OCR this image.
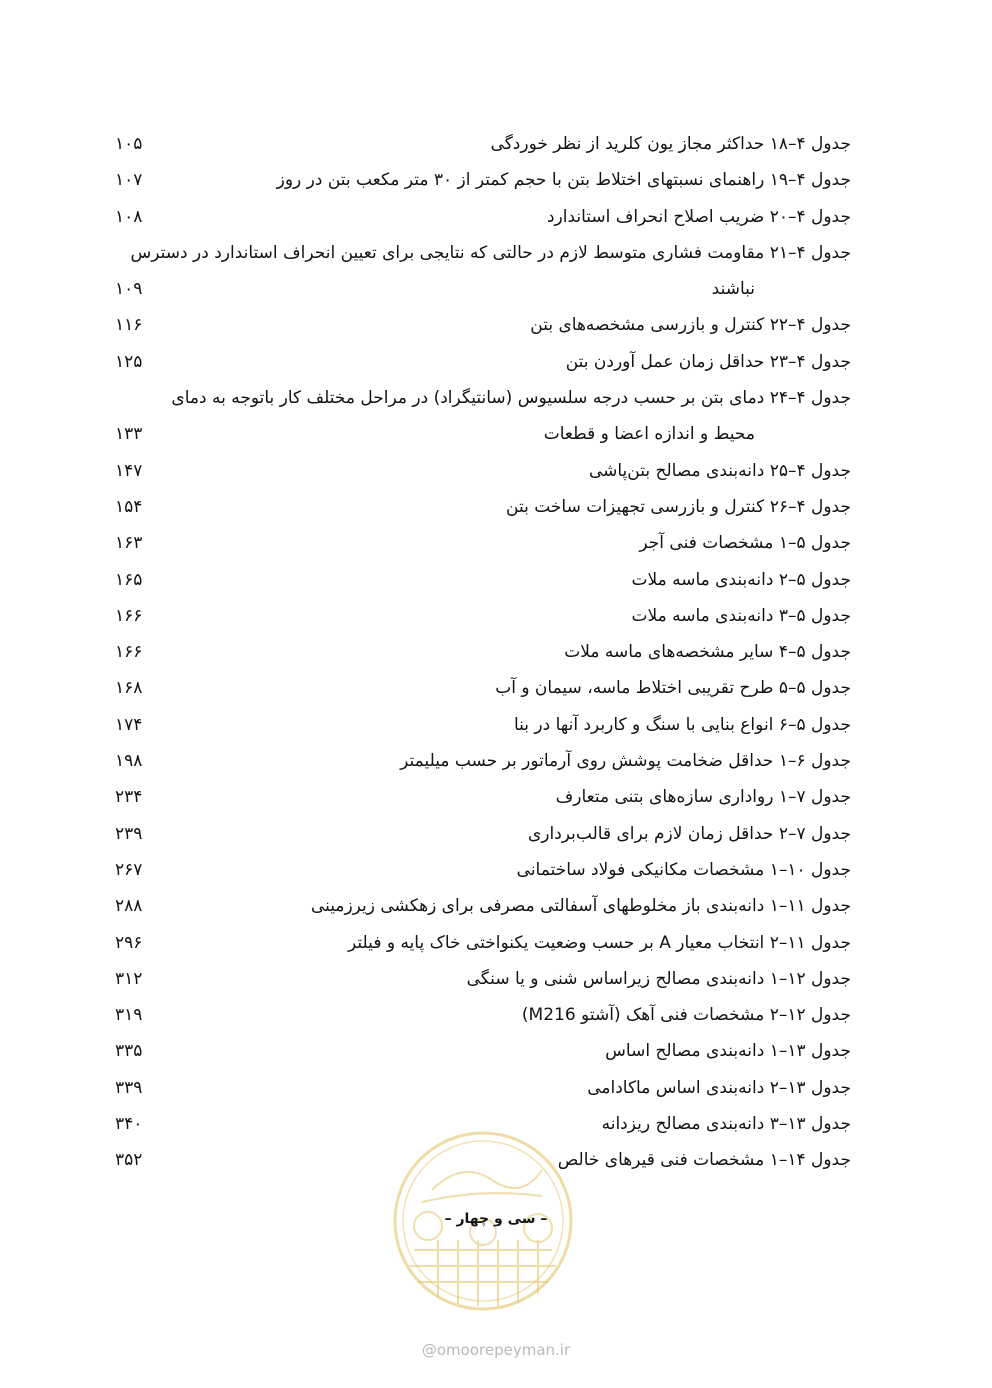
جدول ۴–۱۸ حداکثر مجاز یون کلرید از نظر خوردگی
۱۰۵
جدول ۴–۱۹ راهنمای نسبتهای اختلاط بتن با حجم کمتر از ۳۰ متر مکعب بتن در روز
۱۰۷
جدول ۴–۲۰ ضریب اصلاح انحراف استاندارد
۱۰۸
جدول ۴–۲۱ مقاومت فشاری متوسط لازم در حالتی که نتایجی برای تعیین انحراف استاندارد در دسترس
نباشند
۱۰۹
جدول ۴–۲۲ کنترل و بازرسی مشخصه‌های بتن
۱۱۶
جدول ۴–۲۳ حداقل زمان عمل آوردن بتن
۱۲۵
جدول ۴–۲۴ دمای بتن بر حسب درجه سلسیوس (سانتیگراد) در مراحل مختلف کار باتوجه به دمای
محیط و اندازه اعضا و قطعات
۱۳۳
جدول ۴–۲۵ دانه‌بندی مصالح بتن‌پاشی
۱۴۷
جدول ۴–۲۶ کنترل و بازرسی تجهیزات ساخت بتن
۱۵۴
جدول ۵–۱ مشخصات فنی آجر
۱۶۳
جدول ۵–۲ دانه‌بندی ماسه ملات
۱۶۵
جدول ۵–۳ دانه‌بندی ماسه ملات
۱۶۶
جدول ۵–۴ سایر مشخصه‌های ماسه ملات
۱۶۶
جدول ۵–۵ طرح تقریبی اختلاط ماسه، سیمان و آب
۱۶۸
جدول ۵–۶ انواع بنایی با سنگ و کاربرد آنها در بنا
۱۷۴
جدول ۶–۱ حداقل ضخامت پوشش روی آرماتور بر حسب میلیمتر
۱۹۸
جدول ۷–۱ رواداری سازه‌های بتنی متعارف
۲۳۴
جدول ۷–۲ حداقل زمان لازم برای قالب‌برداری
۲۳۹
جدول ۱۰–۱ مشخصات مکانیکی فولاد ساختمانی
۲۶۷
جدول ۱۱–۱ دانه‌بندی باز مخلوطهای آسفالتی مصرفی برای زهکشی زیرزمینی
۲۸۸
جدول ۱۱–۲ انتخاب معیار A بر حسب وضعیت یکنواختی خاک پایه و فیلتر
۲۹۶
جدول ۱۲–۱ دانه‌بندی مصالح زیراساس شنی و یا سنگی
۳۱۲
جدول ۱۲–۲ مشخصات فنی آهک (آشتو M216)
۳۱۹
جدول ۱۳–۱ دانه‌بندی مصالح اساس
۳۳۵
جدول ۱۳–۲ دانه‌بندی اساس ماکادامی
۳۳۹
جدول ۱۳–۳ دانه‌بندی مصالح ریزدانه
۳۴۰
جدول ۱۴–۱ مشخصات فنی قیرهای خالص
۳۵۲
– سی و چهار –
@omoorepeyman.ir
